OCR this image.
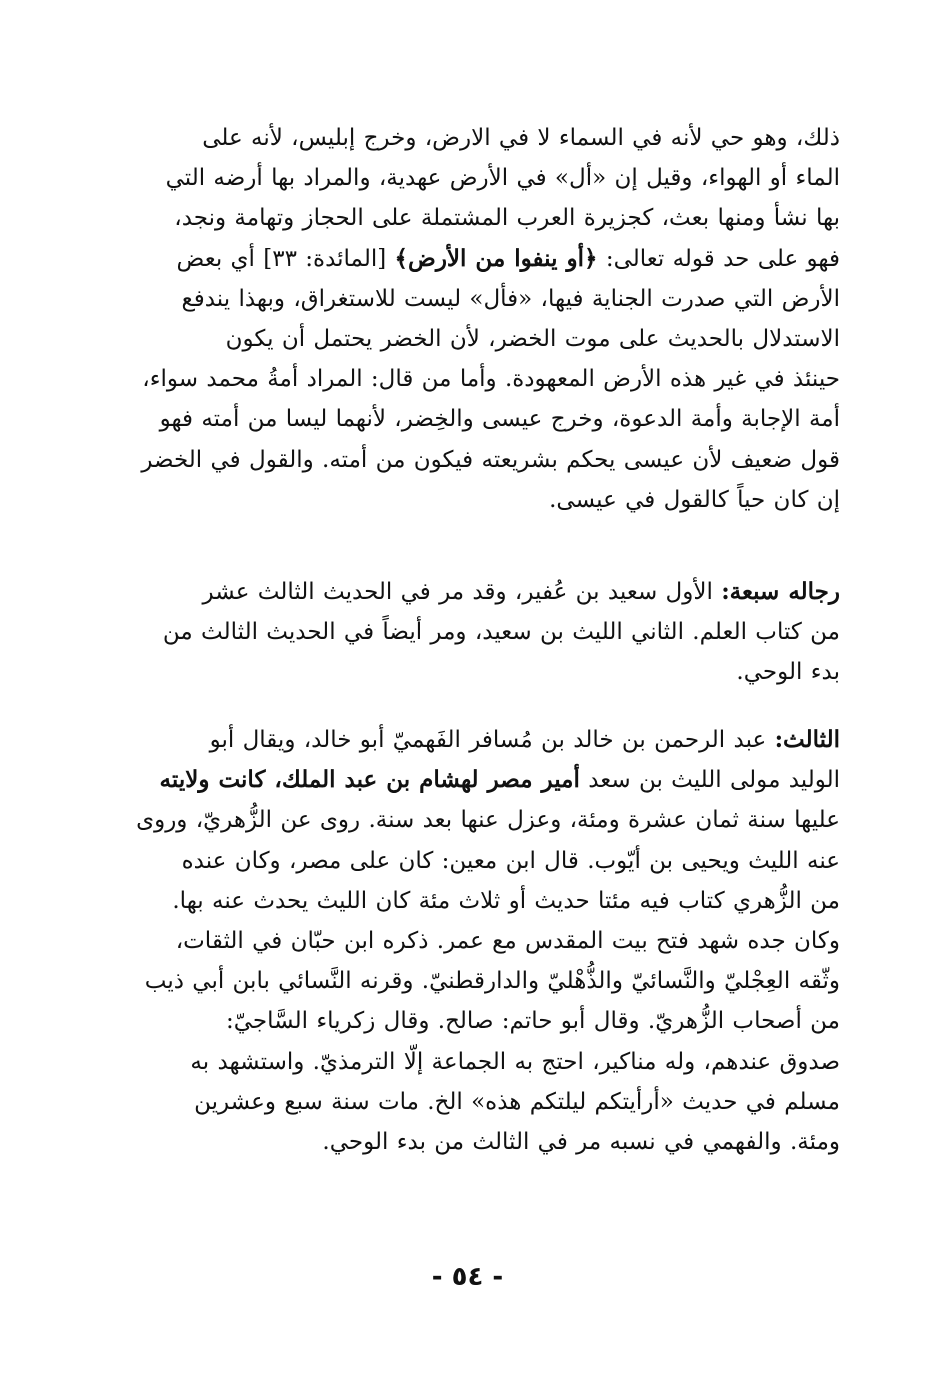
ذلك، وهو حي لأنه في السماء لا في الارض، وخرج إبليس، لأنه على
الماء أو الهواء، وقيل إن «أل» في الأرض عهدية، والمراد بها أرضه التي
بها نشأ ومنها بعث، كجزيرة العرب المشتملة على الحجاز وتهامة ونجد،
فهو على حد قوله تعالى: ﴿أو ينفوا من الأرض﴾ [المائدة: ٣٣] أي بعض
الأرض التي صدرت الجناية فيها، «فأل» ليست للاستغراق، وبهذا يندفع
الاستدلال بالحديث على موت الخضر، لأن الخضر يحتمل أن يكون
حينئذ في غير هذه الأرض المعهودة. وأما من قال: المراد أمةُ محمد سواء،
أمة الإجابة وأمة الدعوة، وخرج عيسى والخِضر، لأنهما ليسا من أمته فهو
قول ضعيف لأن عيسى يحكم بشريعته فيكون من أمته. والقول في الخضر
إن كان حياً كالقول في عيسى.
رجاله سبعة: الأول سعيد بن عُفير، وقد مر في الحديث الثالث عشر
من كتاب العلم. الثاني الليث بن سعيد، ومر أيضاً في الحديث الثالث من
بدء الوحي.
الثالث: عبد الرحمن بن خالد بن مُسافر الفَهميّ أبو خالد، ويقال أبو
الوليد مولى الليث بن سعد أمير مصر لهشام بن عبد الملك، كانت ولايته
عليها سنة ثمان عشرة ومئة، وعزل عنها بعد سنة. روى عن الزُّهريّ، وروى
عنه الليث ويحيى بن أيّوب. قال ابن معين: كان على مصر، وكان عنده
من الزُّهري كتاب فيه مئتا حديث أو ثلاث مئة كان الليث يحدث عنه بها.
وكان جده شهد فتح بيت المقدس مع عمر. ذكره ابن حبّان في الثقات،
وثّقه العِجْليّ والنَّسائيّ والذُّهْليّ والدارقطنيّ. وقرنه النَّسائي بابن أبي ذيب
من أصحاب الزُّهريّ. وقال أبو حاتم: صالح. وقال زكرياء السَّاجيّ:
صدوق عندهم، وله مناكير، احتج به الجماعة إلّا الترمذيّ. واستشهد به
مسلم في حديث «أرأيتكم ليلتكم هذه» الخ. مات سنة سبع وعشرين
ومئة. والفهمي في نسبه مر في الثالث من بدء الوحي.
- ٥٤ -
